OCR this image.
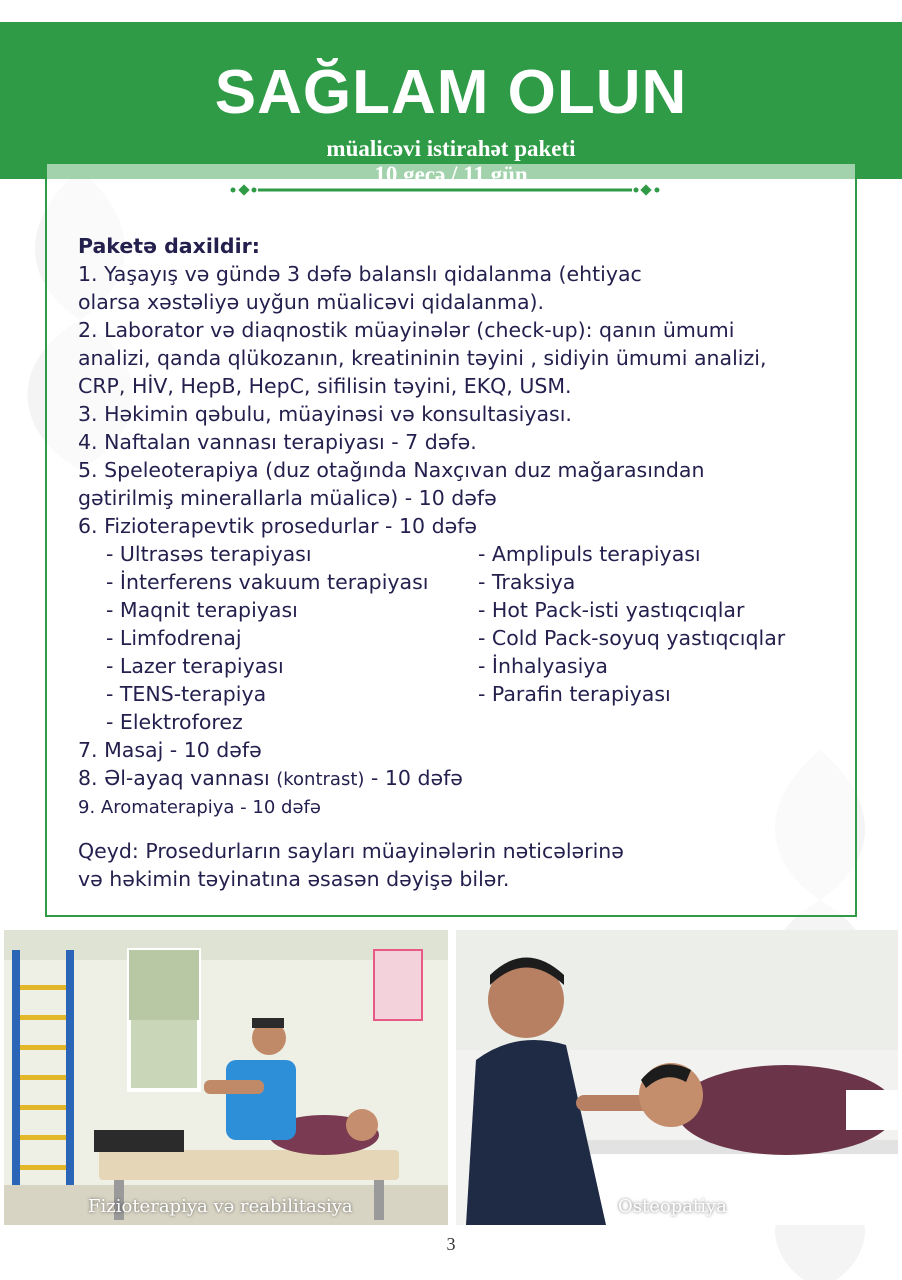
SAĞLAM OLUN
müalicəvi istirahət paketi
Paketə daxildir:
1. Yaşayış və gündə 3 dəfə balanslı qidalanma (ehtiyac
olarsa xəstəliyə uyğun müalicəvi qidalanma).
2. Laborator və diaqnostik müayinələr (check-up): qanın ümumi
analizi, qanda qlükozanın, kreatininin təyini , sidiyin ümumi analizi,
CRP, HİV, HepB, HepC, sifilisin təyini, EKQ, USM.
3. Həkimin qəbulu, müayinəsi və konsultasiyası.
4. Naftalan vannası terapiyası - 7 dəfə.
5. Speleoterapiya (duz otağında Naxçıvan duz mağarasından
gətirilmiş minerallarla müalicə) - 10 dəfə
6. Fizioterapevtik prosedurlar - 10 dəfə
- Ultrasəs terapiyası
- İnterferens vakuum terapiyası
- Maqnit terapiyası
- Limfodrenaj
- Lazer terapiyası
- TENS-terapiya
- Elektroforez
- Amplipuls terapiyası
- Traksiya
- Hot Pack-isti yastıqcıqlar
- Cold Pack-soyuq yastıqcıqlar
- İnhalyasiya
- Parafin terapiyası
7. Masaj - 10 dəfə
8. Əl-ayaq vannası (kontrast) - 10 dəfə
9. Aromaterapiya - 10 dəfə
Qeyd: Prosedurların sayları müayinələrin nəticələrinə
və həkimin təyinatına əsasən dəyişə bilər.
Fizioterapiya və reabilitasiya	Osteopatiya
3
